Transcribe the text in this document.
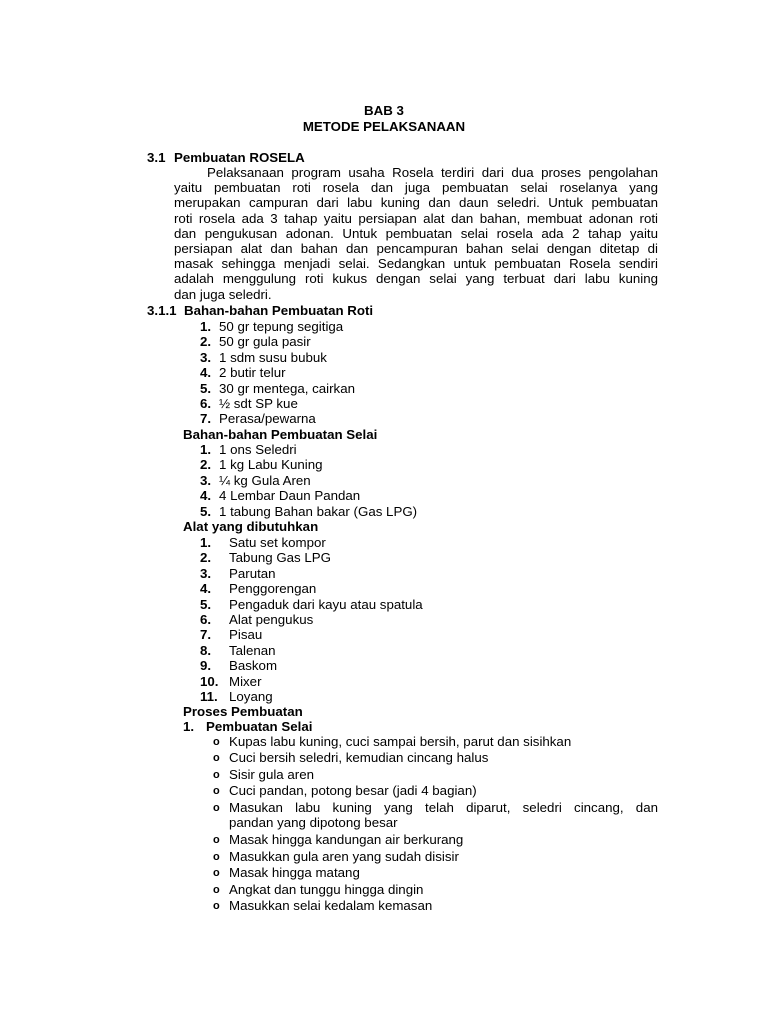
BAB 3
METODE PELAKSANAAN
3.1 Pembuatan ROSELA
Pelaksanaan program usaha Rosela terdiri dari dua proses pengolahan
yaitu pembuatan roti rosela dan juga pembuatan selai roselanya yang
merupakan campuran dari labu kuning dan daun seledri. Untuk pembuatan
roti rosela ada 3 tahap yaitu persiapan alat dan bahan, membuat adonan roti
dan pengukusan adonan. Untuk pembuatan selai rosela ada 2 tahap yaitu
persiapan alat dan bahan dan pencampuran bahan selai dengan ditetap di
masak sehingga menjadi selai. Sedangkan untuk pembuatan Rosela sendiri
adalah menggulung roti kukus dengan selai yang terbuat dari labu kuning
dan juga seledri.
3.1.1 Bahan-bahan Pembuatan Roti
1. 50 gr tepung segitiga
2. 50 gr gula pasir
3. 1 sdm susu bubuk
4. 2 butir telur
5. 30 gr mentega, cairkan
6. ½ sdt SP kue
7. Perasa/pewarna
Bahan-bahan Pembuatan Selai
1. 1 ons Seledri
2. 1 kg Labu Kuning
3. ¼ kg Gula Aren
4. 4 Lembar Daun Pandan
5. 1 tabung Bahan bakar (Gas LPG)
Alat yang dibutuhkan
1. Satu set kompor
2. Tabung Gas LPG
3. Parutan
4. Penggorengan
5. Pengaduk dari kayu atau spatula
6. Alat pengukus
7. Pisau
8. Talenan
9. Baskom
10. Mixer
11. Loyang
Proses Pembuatan
1. Pembuatan Selai
o Kupas labu kuning, cuci sampai bersih, parut dan sisihkan
o Cuci bersih seledri, kemudian cincang halus
o Sisir gula aren
o Cuci pandan, potong besar (jadi 4 bagian)
o Masukan labu kuning yang telah diparut, seledri cincang, dan
pandan yang dipotong besar
o Masak hingga kandungan air berkurang
o Masukkan gula aren yang sudah disisir
o Masak hingga matang
o Angkat dan tunggu hingga dingin
o Masukkan selai kedalam kemasan
